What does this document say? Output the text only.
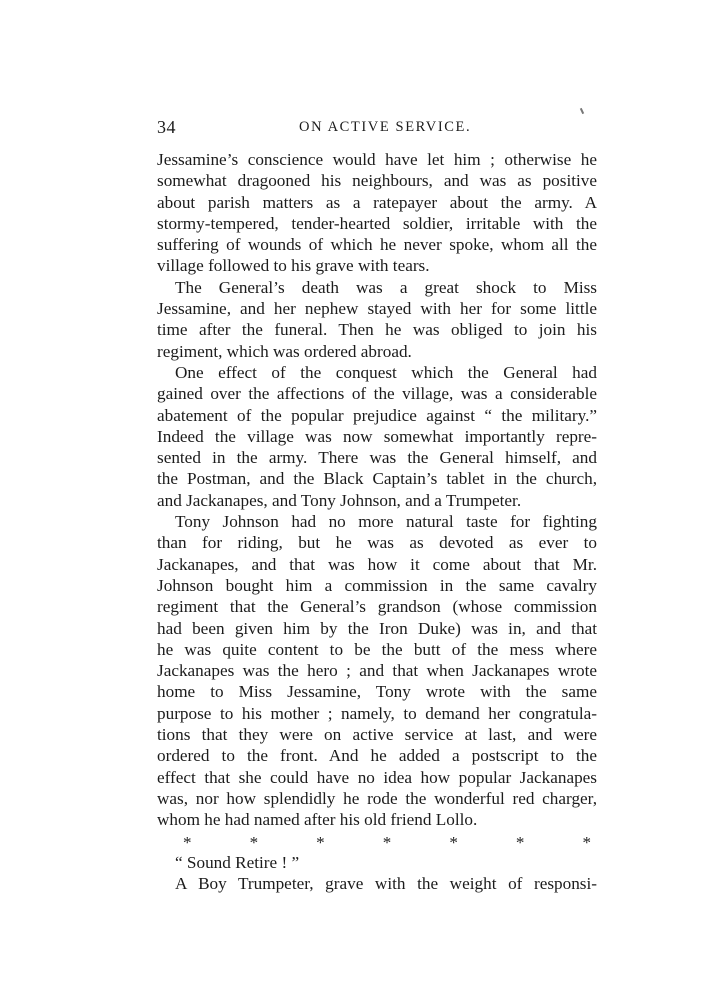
34	ON ACTIVE SERVICE.
Jessamine’s conscience would have let him ; otherwise he
somewhat dragooned his neighbours, and was as positive
about parish matters as a ratepayer about the army. A
stormy-tempered, tender-hearted soldier, irritable with the
suffering of wounds of which he never spoke, whom all the
village followed to his grave with tears.
The General’s death was a great shock to Miss
Jessamine, and her nephew stayed with her for some little
time after the funeral. Then he was obliged to join his
regiment, which was ordered abroad.
One effect of the conquest which the General had
gained over the affections of the village, was a considerable
abatement of the popular prejudice against “ the military.”
Indeed the village was now somewhat importantly repre-
sented in the army. There was the General himself, and
the Postman, and the Black Captain’s tablet in the church,
and Jackanapes, and Tony Johnson, and a Trumpeter.
Tony Johnson had no more natural taste for fighting
than for riding, but he was as devoted as ever to
Jackanapes, and that was how it come about that Mr.
Johnson bought him a commission in the same cavalry
regiment that the General’s grandson (whose commission
had been given him by the Iron Duke) was in, and that
he was quite content to be the butt of the mess where
Jackanapes was the hero ; and that when Jackanapes wrote
home to Miss Jessamine, Tony wrote with the same
purpose to his mother ; namely, to demand her congratula-
tions that they were on active service at last, and were
ordered to the front. And he added a postscript to the
effect that she could have no idea how popular Jackanapes
was, nor how splendidly he rode the wonderful red charger,
whom he had named after his old friend Lollo.
*	*	*	*	*	*	*
“ Sound Retire ! ”
A Boy Trumpeter, grave with the weight of responsi-
